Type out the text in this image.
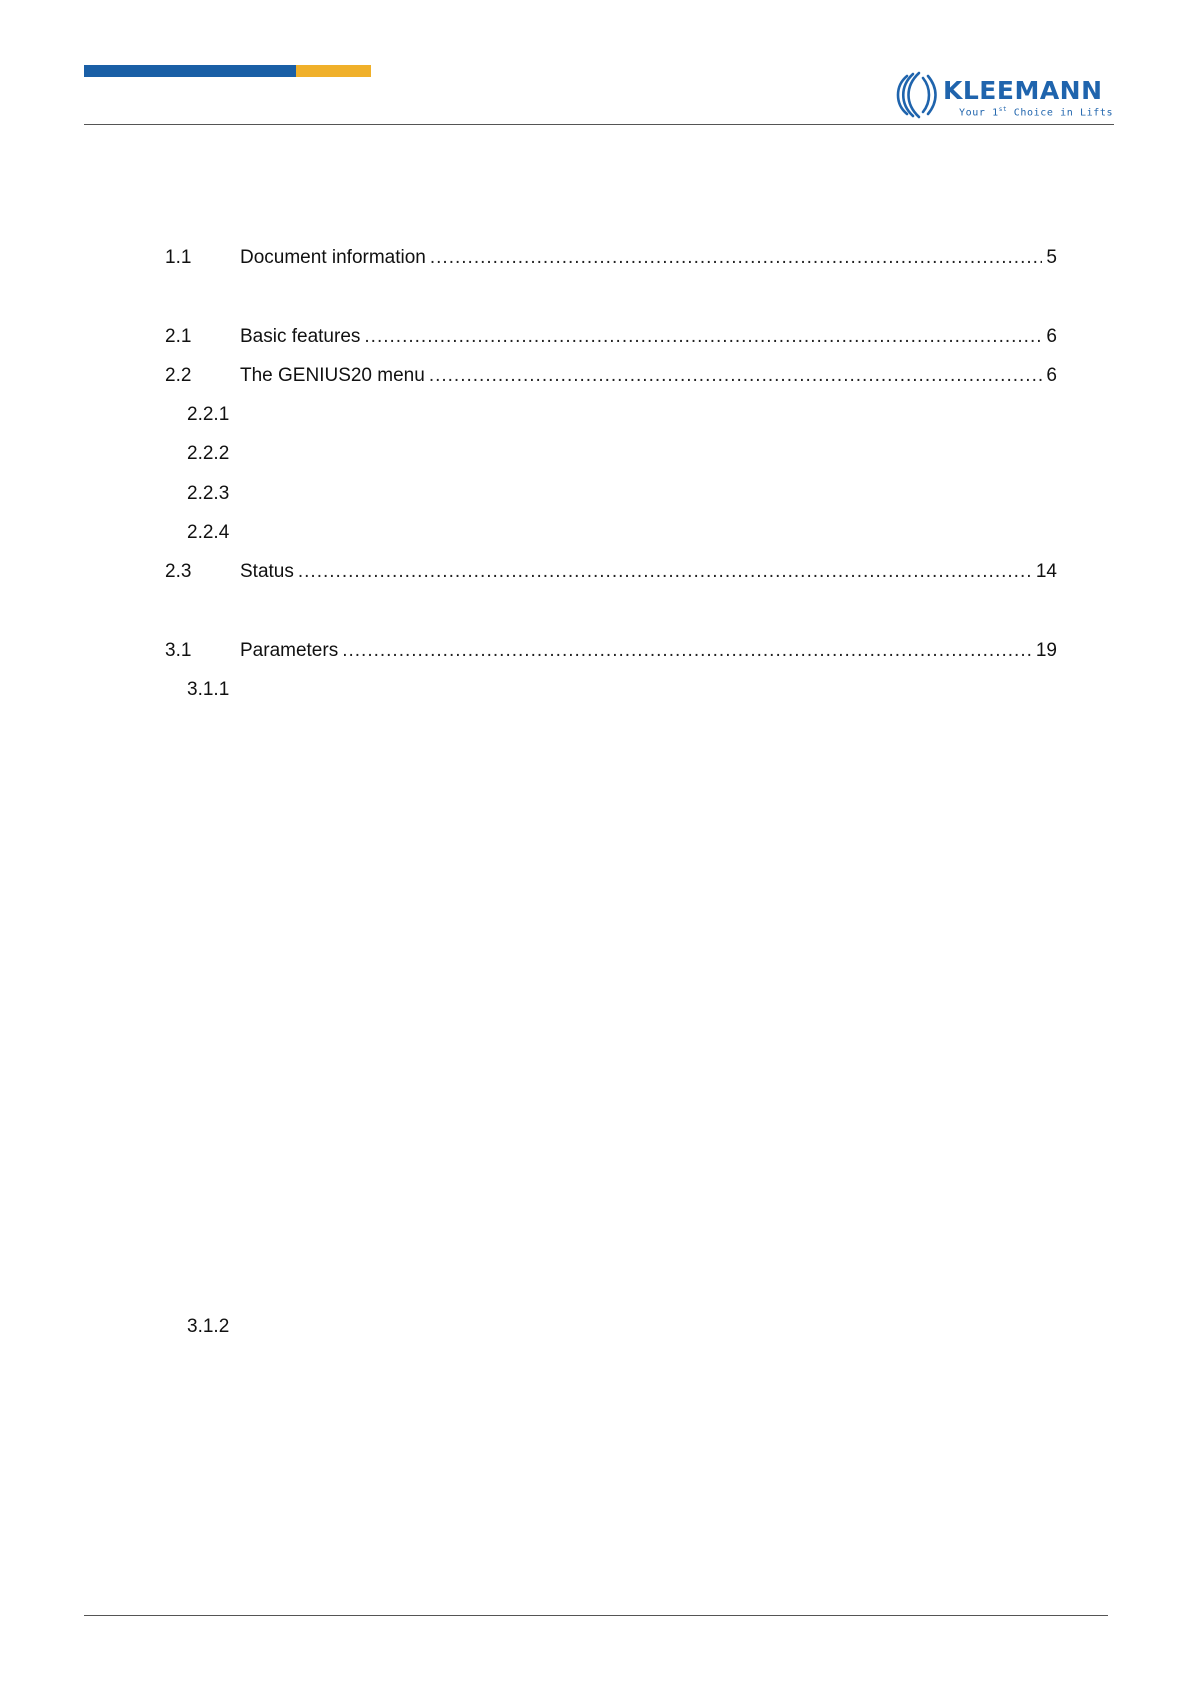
KLEEMANN
Your 1st Choice in Lifts
1.1	Document information .....	5
2.1	Basic features .....	6
2.2	The GENIUS20 menu .....	6
2.2.1
2.2.2
2.2.3
2.2.4
2.3	Status .....	14
3.1	Parameters .....	19
3.1.1
3.1.2
